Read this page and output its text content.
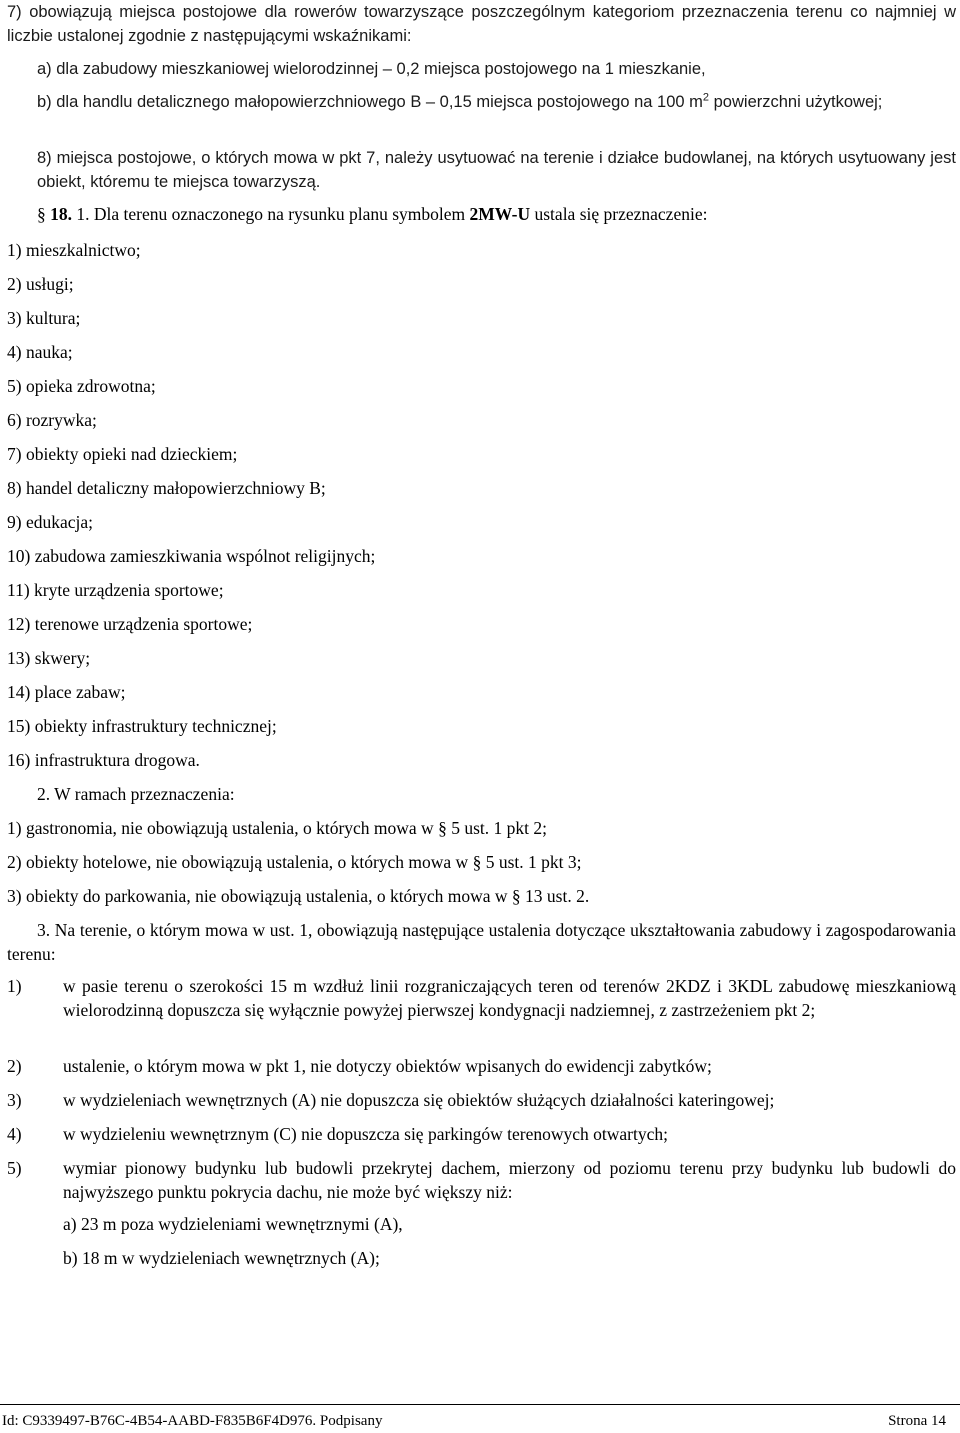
7) obowiązują miejsca postojowe dla rowerów towarzyszące poszczególnym kategoriom przeznaczenia terenu co najmniej w liczbie ustalonej zgodnie z następującymi wskaźnikami:

a) dla zabudowy mieszkaniowej wielorodzinnej – 0,2 miejsca postojowego na 1 mieszkanie,

b) dla handlu detalicznego małopowierzchniowego B – 0,15 miejsca postojowego na 100 $m^2$ powierzchni użytkowej;

8) miejsca postojowe, o których mowa w pkt 7, należy usytuować na terenie i działce budowlanej, na których usytuowany jest obiekt, któremu te miejsca towarzyszą.

§ 18. 1. Dla terenu oznaczonego na rysunku planu symbolem 2MW-U ustala się przeznaczenie:

1) mieszkalnictwo;

2) usługi;

3) kultura;

4) nauka;

5) opieka zdrowotna;

6) rozrywka;

7) obiekty opieki nad dzieckiem;

8) handel detaliczny małopowierzchniowy B;

9) edukacja;

10) zabudowa zamieszkiwania wspólnot religijnych;

11) kryte urządzenia sportowe;

12) terenowe urządzenia sportowe;

13) skwery;

14) place zabaw;

15) obiekty infrastruktury technicznej;

16) infrastruktura drogowa.

2. W ramach przeznaczenia:

1) gastronomia, nie obowiązują ustalenia, o których mowa w § 5 ust. 1 pkt 2;

2) obiekty hotelowe, nie obowiązują ustalenia, o których mowa w § 5 ust. 1 pkt 3;

3) obiekty do parkowania, nie obowiązują ustalenia, o których mowa w § 13 ust. 2.

3. Na terenie, o którym mowa w ust. 1, obowiązują następujące ustalenia dotyczące ukształtowania zabudowy i zagospodarowania terenu:

1) w pasie terenu o szerokości 15 m wzdłuż linii rozgraniczających teren od terenów 2KDZ i 3KDL zabudowę mieszkaniową wielorodzinną dopuszcza się wyłącznie powyżej pierwszej kondygnacji nadziemnej, z zastrzeżeniem pkt 2;
2) ustalenie, o którym mowa w pkt 1, nie dotyczy obiektów wpisanych do ewidencji zabytków;
3) w wydzieleniach wewnętrznych (A) nie dopuszcza się obiektów służących działalności kateringowej;
4) w wydzieleniu wewnętrznym (C) nie dopuszcza się parkingów terenowych otwartych;
5) wymiar pionowy budynku lub budowli przekrytej dachem, mierzony od poziomu terenu przy budynku lub budowli do najwyższego punktu pokrycia dachu, nie może być większy niż:

a) 23 m poza wydzieleniami wewnętrznymi (A),

b) 18 m w wydzieleniach wewnętrznych (A);

Id: C9339497-B76C-4B54-AABD-F835B6F4D976. Podpisany	Strona 14
